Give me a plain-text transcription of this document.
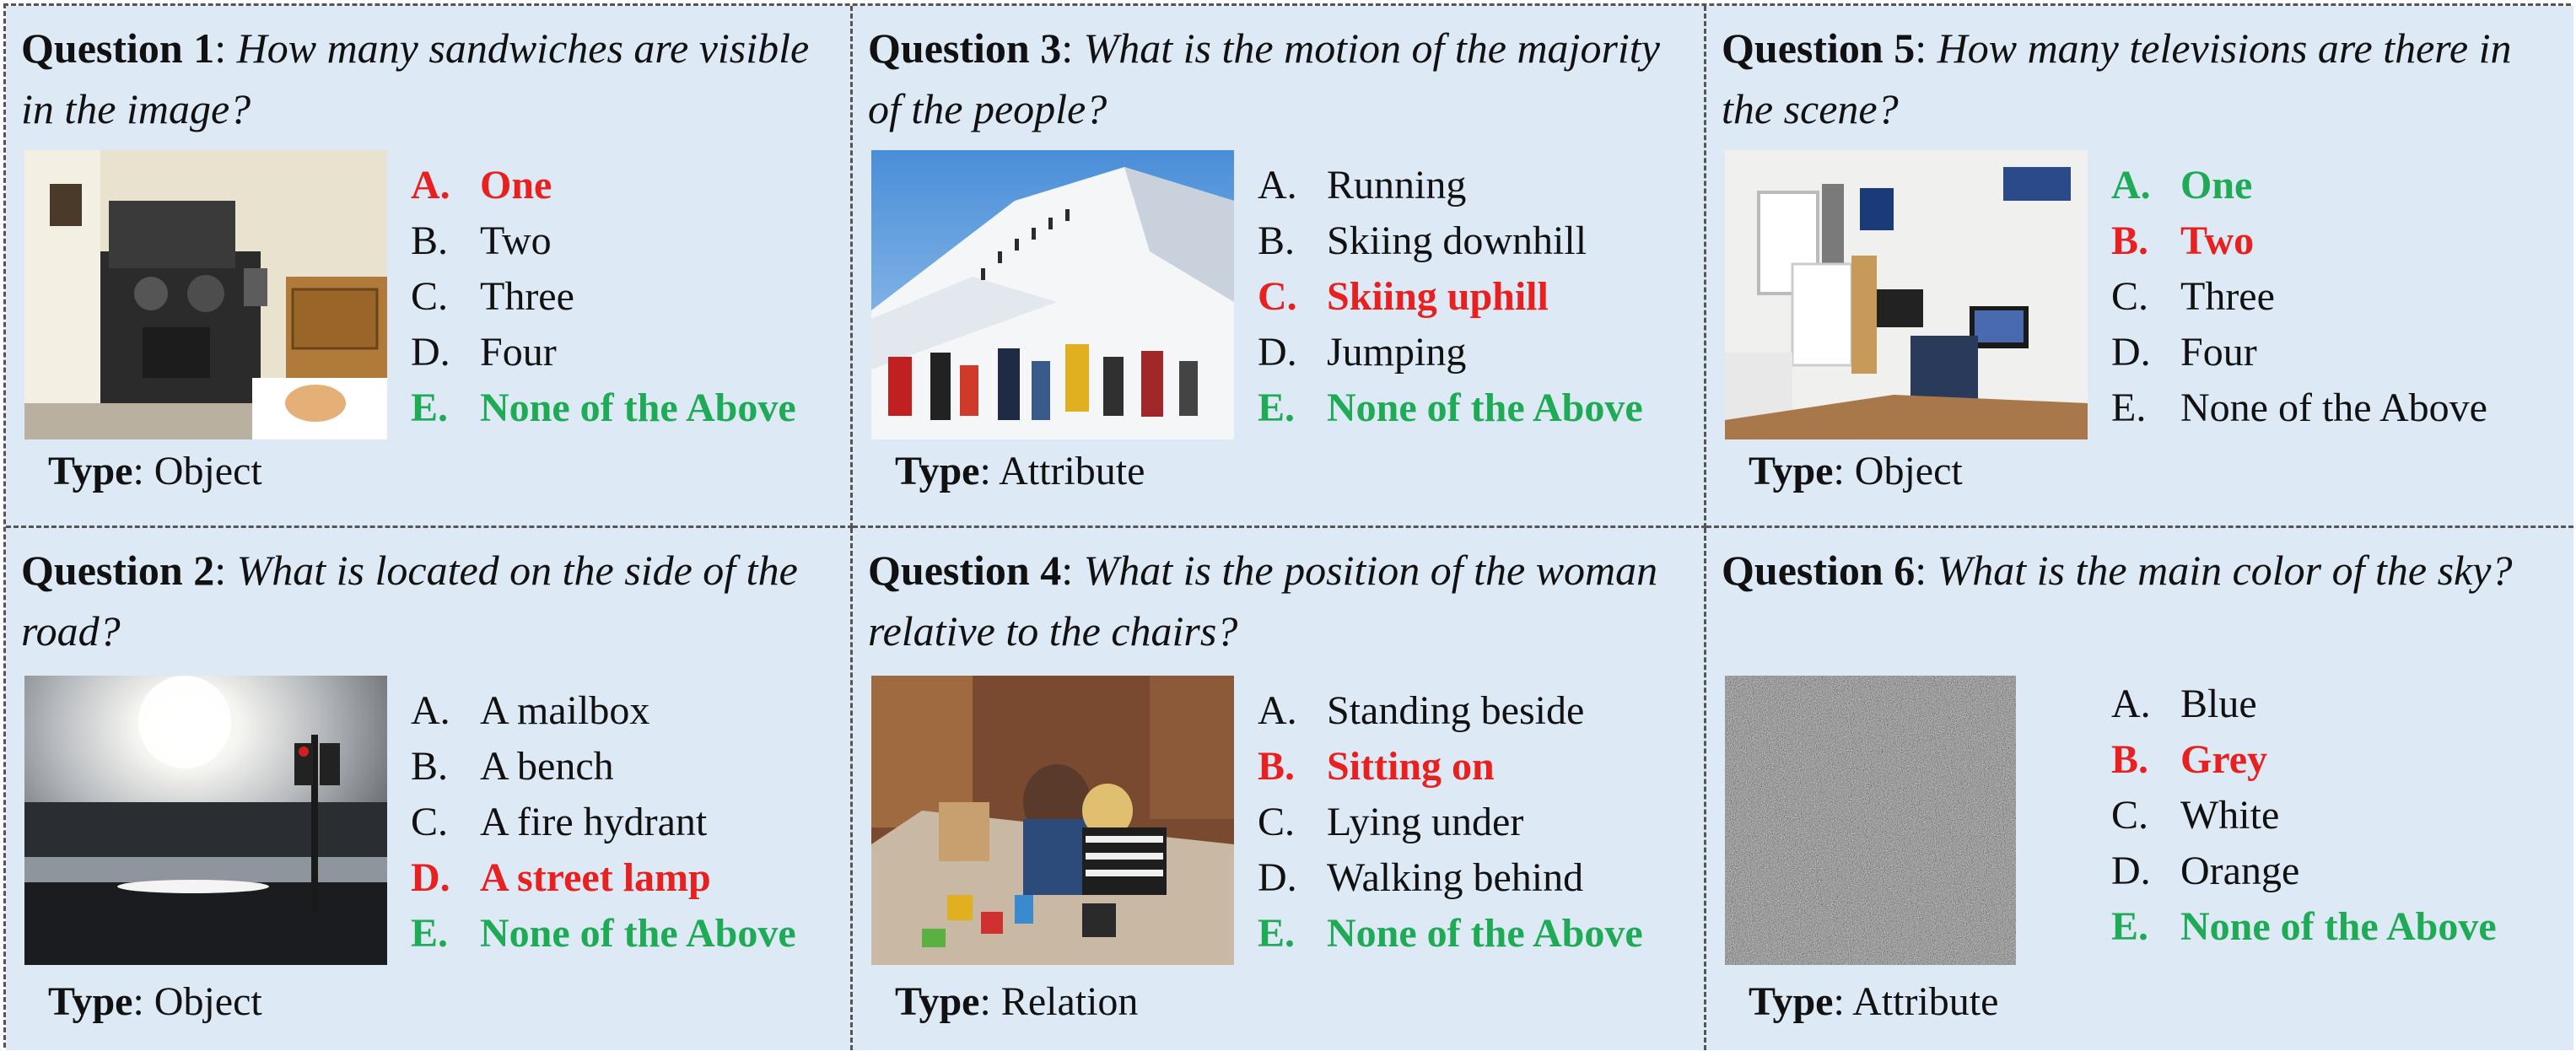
Question 1: How many sandwiches are visible in the image?

A. One
B. Two
C. Three
D. Four
E. None of the Above
Type: Object

Question 3: What is the motion of the majority of the people?

A. Running
B. Skiing downhill
C. Skiing uphill
D. Jumping
E. None of the Above
Type: Attribute

Question 5: How many televisions are there in the scene?

A. One
B. Two
C. Three
D. Four
E. None of the Above
Type: Object

Question 2: What is located on the side of the road?

A. A mailbox
B. A bench
C. A fire hydrant
D. A street lamp
E. None of the Above
Type: Object

Question 4: What is the position of the woman relative to the chairs?

A. Standing beside
B. Sitting on
C. Lying under
D. Walking behind
E. None of the Above
Type: Relation

Question 6: What is the main color of the sky?

A. Blue
B. Grey
C. White
D. Orange
E. None of the Above
Type: Attribute
